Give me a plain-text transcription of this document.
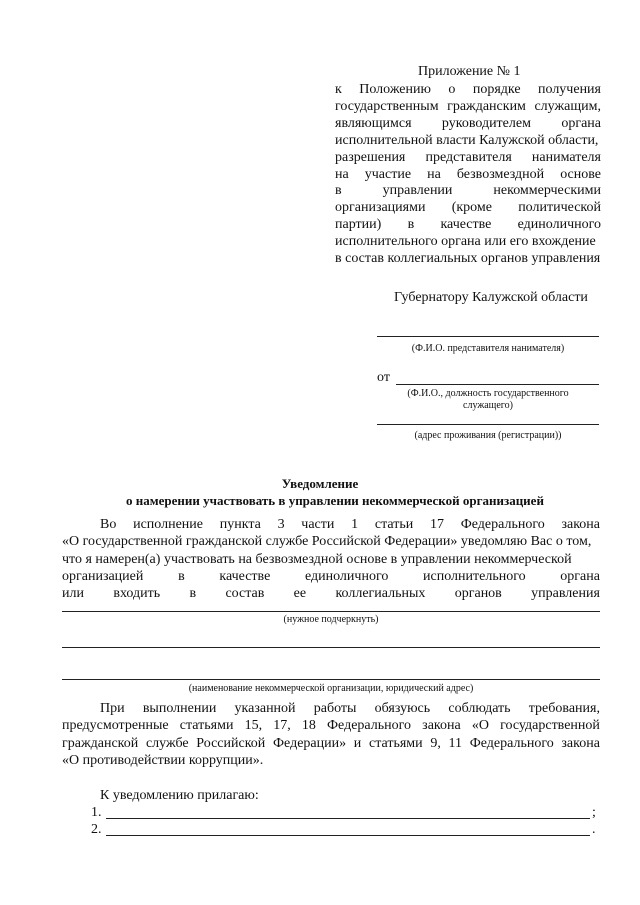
Приложение № 1
к Положению о порядке получения
государственным гражданским служащим,
являющимся руководителем органа
исполнительной власти Калужской области,
разрешения представителя нанимателя
на участие на безвозмездной основе
в	управлении	некоммерческими
организациями (кроме политической
партии) в качестве единоличного
исполнительного органа или его вхождение
в состав коллегиальных органов управления
Губернатору Калужской области
(Ф.И.О. представителя нанимателя)
от
(Ф.И.О., должность государственного
служащего)
(адрес проживания (регистрации))
Уведомление
о намерении участвовать в управлении некоммерческой организацией
Во исполнение пункта 3 части 1 статьи 17 Федерального закона
«О государственной гражданской службе Российской Федерации» уведомляю Вас о том,
что я намерен(а) участвовать на безвозмездной основе в управлении некоммерческой
организацией в качестве единоличного исполнительного органа
или входить в состав ее коллегиальных органов управления
(нужное подчеркнуть)
(наименование некоммерческой организации, юридический адрес)
При выполнении указанной работы обязуюсь соблюдать требования,
предусмотренные статьями 15, 17, 18 Федерального закона «О государственной
гражданской службе Российской Федерации» и статьями 9, 11 Федерального закона
«О противодействии коррупции».
К уведомлению прилагаю:
1.	;
2.	.
